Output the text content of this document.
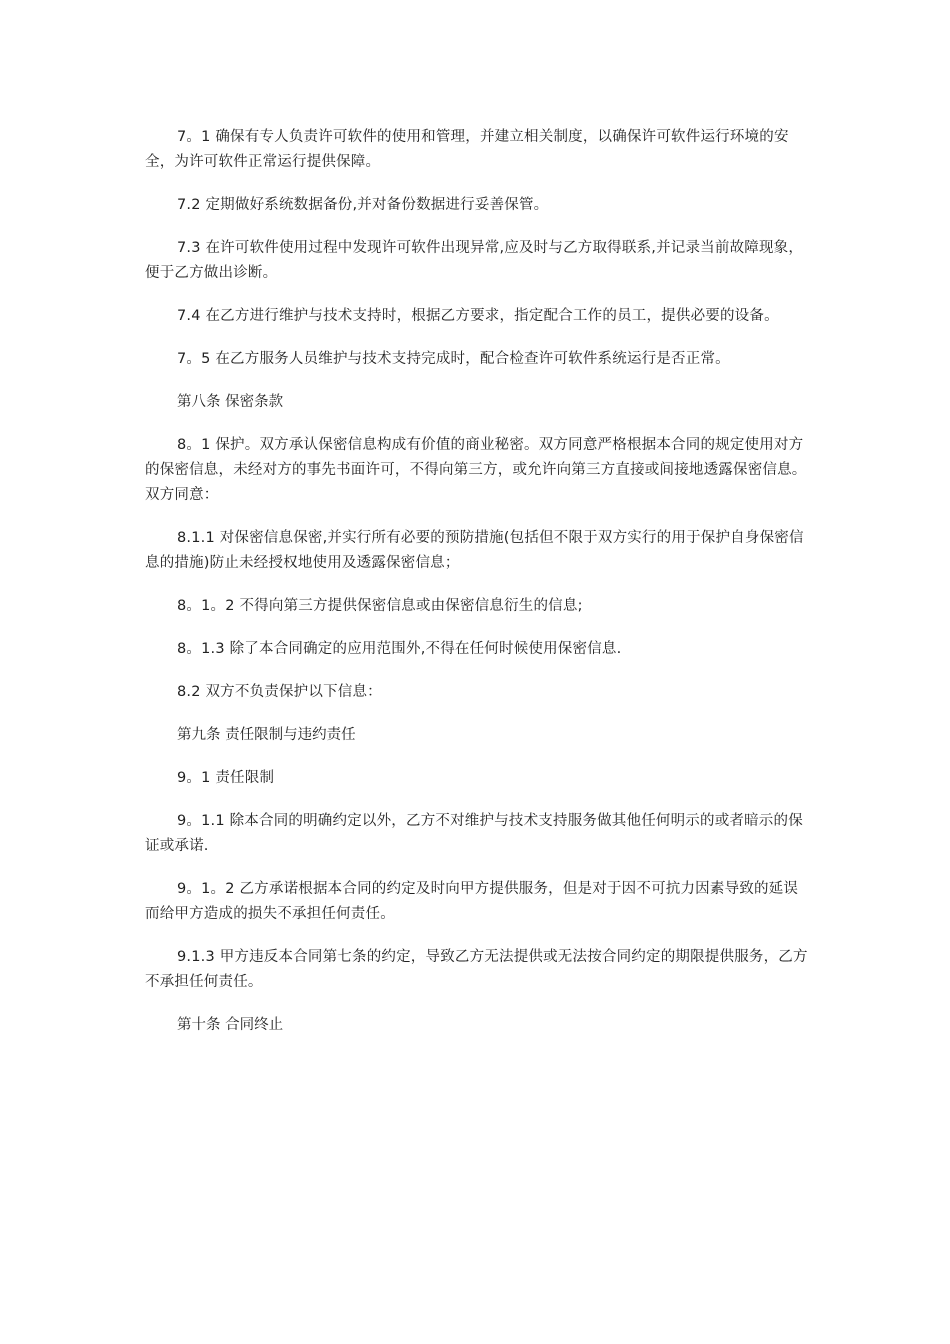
7。1 确保有专人负责许可软件的使用和管理，并建立相关制度，以确保许可软件运行环境的安全，为许可软件正常运行提供保障。

7.2 定期做好系统数据备份,并对备份数据进行妥善保管。

7.3 在许可软件使用过程中发现许可软件出现异常,应及时与乙方取得联系,并记录当前故障现象，便于乙方做出诊断。

7.4 在乙方进行维护与技术支持时，根据乙方要求，指定配合工作的员工，提供必要的设备。

7。5 在乙方服务人员维护与技术支持完成时，配合检查许可软件系统运行是否正常。

第八条 保密条款

8。1 保护。双方承认保密信息构成有价值的商业秘密。双方同意严格根据本合同的规定使用对方的保密信息，未经对方的事先书面许可，不得向第三方，或允许向第三方直接或间接地透露保密信息。双方同意：

8.1.1 对保密信息保密,并实行所有必要的预防措施(包括但不限于双方实行的用于保护自身保密信息的措施)防止未经授权地使用及透露保密信息；

8。1。2 不得向第三方提供保密信息或由保密信息衍生的信息;

8。1.3 除了本合同确定的应用范围外,不得在任何时候使用保密信息.

8.2 双方不负责保护以下信息：

第九条 责任限制与违约责任

9。1 责任限制

9。1.1 除本合同的明确约定以外，乙方不对维护与技术支持服务做其他任何明示的或者暗示的保证或承诺.

9。1。2 乙方承诺根据本合同的约定及时向甲方提供服务，但是对于因不可抗力因素导致的延误而给甲方造成的损失不承担任何责任。

9.1.3 甲方违反本合同第七条的约定，导致乙方无法提供或无法按合同约定的期限提供服务，乙方不承担任何责任。

第十条 合同终止
